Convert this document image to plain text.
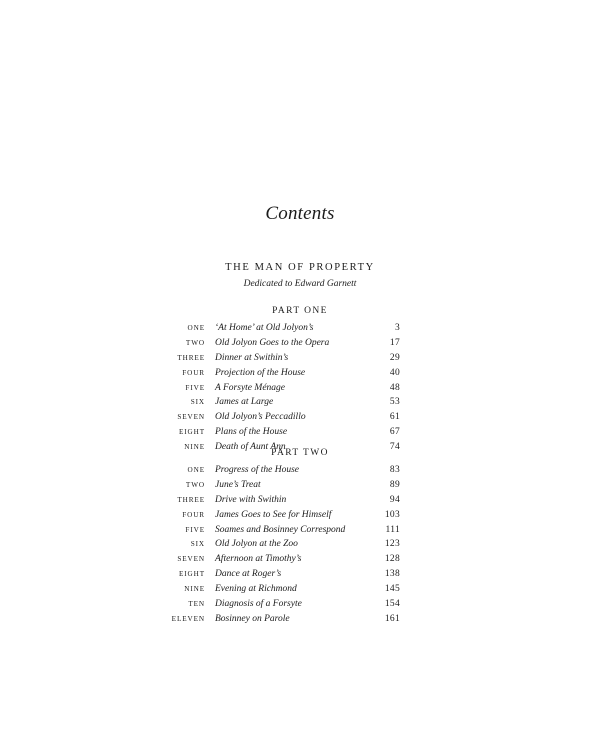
Contents
THE MAN OF PROPERTY
Dedicated to Edward Garnett
PART ONE
ONE ‘At Home’ at Old Jolyon’s	3
TWO Old Jolyon Goes to the Opera	17
THREE Dinner at Swithin’s	29
FOUR Projection of the House	40
FIVE A Forsyte Ménage	48
SIX James at Large	53
SEVEN Old Jolyon’s Peccadillo	61
EIGHT Plans of the House	67
NINE Death of Aunt Ann	74
PART TWO
ONE Progress of the House	83
TWO June’s Treat	89
THREE Drive with Swithin	94
FOUR James Goes to See for Himself	103
FIVE Soames and Bosinney Correspond	111
SIX Old Jolyon at the Zoo	123
SEVEN Afternoon at Timothy’s	128
EIGHT Dance at Roger’s	138
NINE Evening at Richmond	145
TEN Diagnosis of a Forsyte	154
ELEVEN Bosinney on Parole	161
